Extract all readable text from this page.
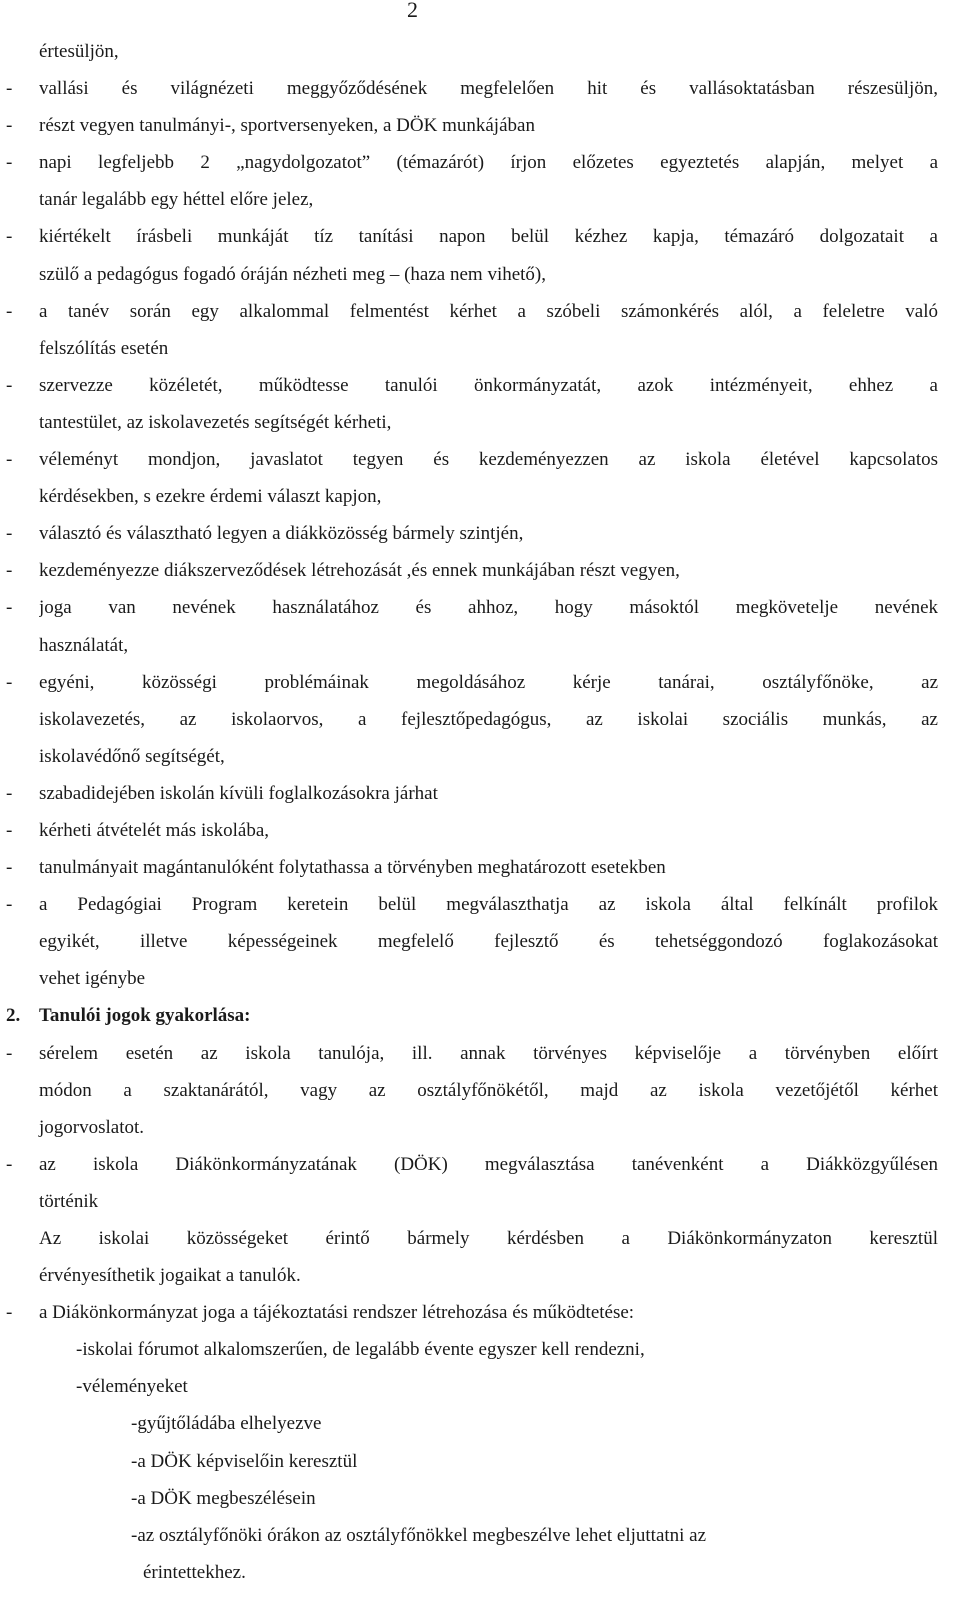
2
értesüljön,
- vallási és világnézeti meggyőződésének megfelelően hit és vallásoktatásban részesüljön,
- részt vegyen tanulmányi-, sportversenyeken, a DÖK munkájában
- napi legfeljebb 2 „nagydolgozatot” (témazárót) írjon előzetes egyeztetés alapján, melyet a
tanár legalább egy héttel előre jelez,
- kiértékelt írásbeli munkáját tíz tanítási napon belül kézhez kapja, témazáró dolgozatait a
szülő a pedagógus fogadó óráján nézheti meg – (haza nem vihető),
- a tanév során egy alkalommal felmentést kérhet a szóbeli számonkérés alól, a feleletre való
felszólítás esetén
- szervezze közéletét, működtesse tanulói önkormányzatát, azok intézményeit, ehhez a
tantestület, az iskolavezetés segítségét kérheti,
- véleményt mondjon, javaslatot tegyen és kezdeményezzen az iskola életével kapcsolatos
kérdésekben, s ezekre érdemi választ kapjon,
- választó és választható legyen a diákközösség bármely szintjén,
- kezdeményezze diákszerveződések létrehozását ,és ennek munkájában részt vegyen,
- joga van nevének használatához és ahhoz, hogy másoktól megkövetelje nevének
használatát,
- egyéni, közösségi problémáinak megoldásához kérje tanárai, osztályfőnöke, az
iskolavezetés, az iskolaorvos, a fejlesztőpedagógus, az iskolai szociális munkás, az
iskolavédőnő segítségét,
- szabadidejében iskolán kívüli foglalkozásokra járhat
- kérheti átvételét más iskolába,
- tanulmányait magántanulóként folytathassa a törvényben meghatározott esetekben
- a Pedagógiai Program keretein belül megválaszthatja az iskola által felkínált profilok
egyikét, illetve képességeinek megfelelő fejlesztő és tehetséggondozó foglakozásokat
vehet igénybe
2. Tanulói jogok gyakorlása:
- sérelem esetén az iskola tanulója, ill. annak törvényes képviselője a törvényben előírt
módon a szaktanárától, vagy az osztályfőnökétől, majd az iskola vezetőjétől kérhet
jogorvoslatot.
- az iskola Diákönkormányzatának (DÖK) megválasztása tanévenként a Diákközgyűlésen
történik
Az iskolai közösségeket érintő bármely kérdésben a Diákönkormányzaton keresztül
érvényesíthetik jogaikat a tanulók.
- a Diákönkormányzat joga a tájékoztatási rendszer létrehozása és működtetése:
-iskolai fórumot alkalomszerűen, de legalább évente egyszer kell rendezni,
-véleményeket
-gyűjtőládába elhelyezve
-a DÖK képviselőin keresztül
-a DÖK megbeszélésein
-az osztályfőnöki órákon az osztályfőnökkel megbeszélve lehet eljuttatni az
érintettekhez.
